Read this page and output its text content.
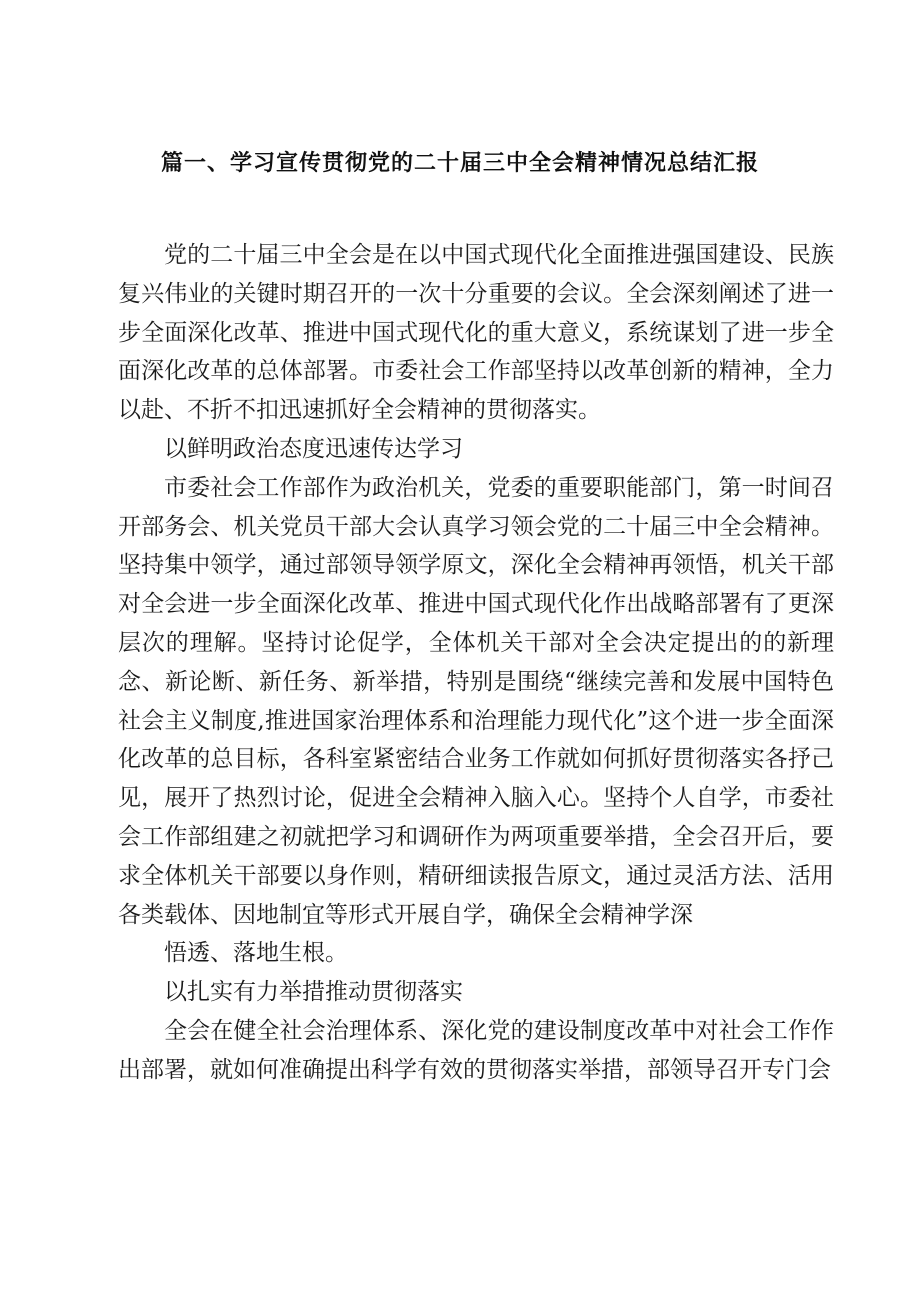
篇一、学习宣传贯彻党的二十届三中全会精神情况总结汇报

党的二十届三中全会是在以中国式现代化全面推进强国建设、民族复兴伟业的关键时期召开的一次十分重要的会议。全会深刻阐述了进一步全面深化改革、推进中国式现代化的重大意义，系统谋划了进一步全面深化改革的总体部署。市委社会工作部坚持以改革创新的精神，全力以赴、不折不扣迅速抓好全会精神的贯彻落实。

以鲜明政治态度迅速传达学习

市委社会工作部作为政治机关，党委的重要职能部门，第一时间召开部务会、机关党员干部大会认真学习领会党的二十届三中全会精神。坚持集中领学，通过部领导领学原文，深化全会精神再领悟，机关干部对全会进一步全面深化改革、推进中国式现代化作出战略部署有了更深层次的理解。坚持讨论促学，全体机关干部对全会决定提出的的新理念、新论断、新任务、新举措，特别是围绕“继续完善和发展中国特色社会主义制度,推进国家治理体系和治理能力现代化”这个进一步全面深化改革的总目标，各科室紧密结合业务工作就如何抓好贯彻落实各抒己见，展开了热烈讨论，促进全会精神入脑入心。坚持个人自学，市委社会工作部组建之初就把学习和调研作为两项重要举措，全会召开后，要求全体机关干部要以身作则，精研细读报告原文，通过灵活方法、活用各类载体、因地制宜等形式开展自学，确保全会精神学深

悟透、落地生根。

以扎实有力举措推动贯彻落实

全会在健全社会治理体系、深化党的建设制度改革中对社会工作作出部署，就如何准确提出科学有效的贯彻落实举措，部领导召开专门会
